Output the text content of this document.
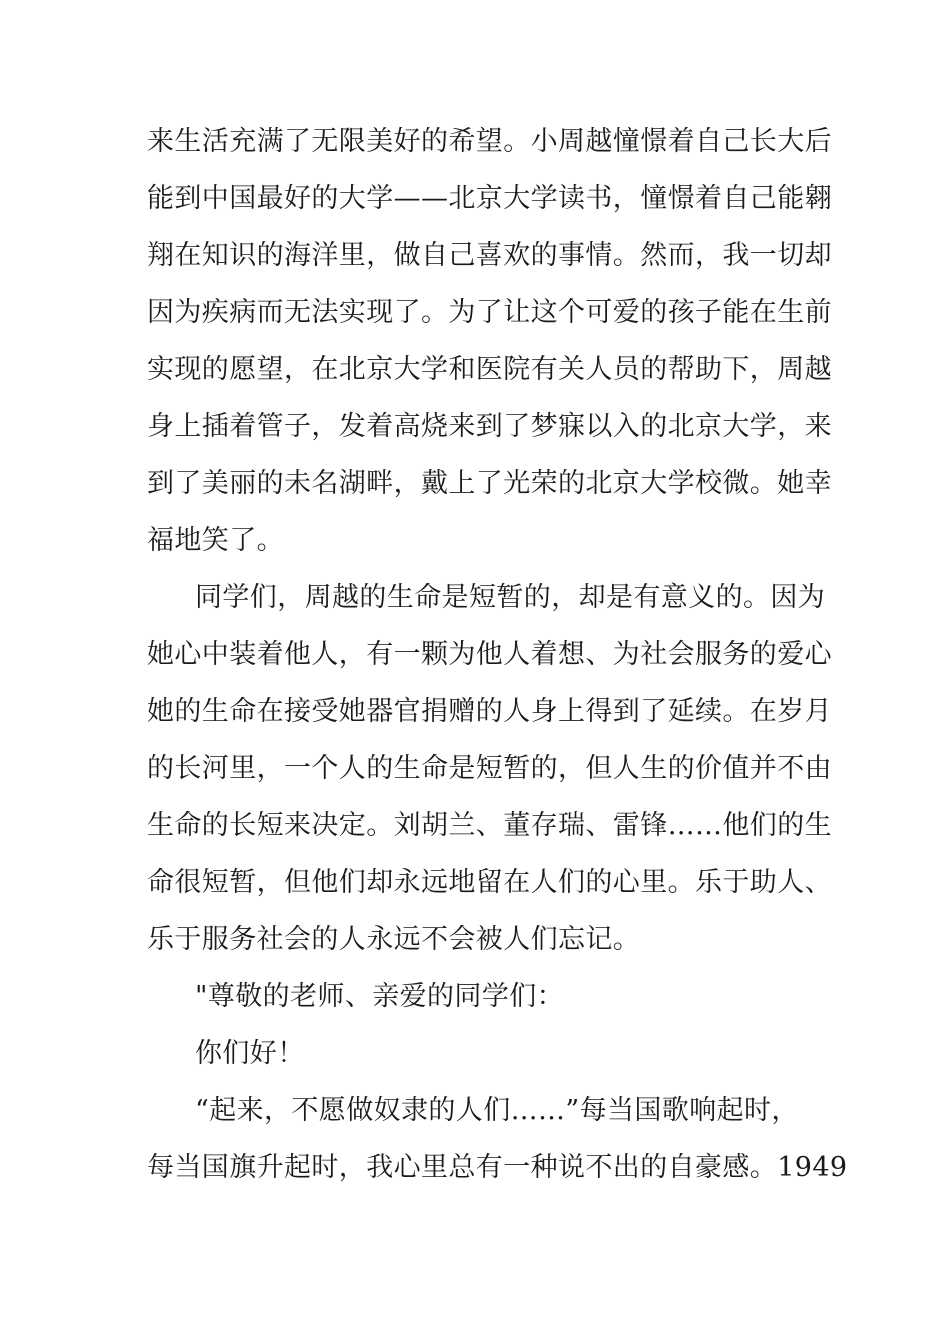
来生活充满了无限美好的希望。小周越憧憬着自己长大后
能到中国最好的大学——北京大学读书，憧憬着自己能翱
翔在知识的海洋里，做自己喜欢的事情。然而，我一切却
因为疾病而无法实现了。为了让这个可爱的孩子能在生前
实现的愿望，在北京大学和医院有关人员的帮助下，周越
身上插着管子，发着高烧来到了梦寐以入的北京大学，来
到了美丽的未名湖畔，戴上了光荣的北京大学校微。她幸
福地笑了。
同学们，周越的生命是短暂的，却是有意义的。因为
她心中装着他人，有一颗为他人着想、为社会服务的爱心
她的生命在接受她器官捐赠的人身上得到了延续。在岁月
的长河里，一个人的生命是短暂的，但人生的价值并不由
生命的长短来决定。刘胡兰、董存瑞、雷锋……他们的生
命很短暂，但他们却永远地留在人们的心里。乐于助人、
乐于服务社会的人永远不会被人们忘记。
"尊敬的老师、亲爱的同学们：
你们好！
“起来，不愿做奴隶的人们……”每当国歌响起时，
每当国旗升起时，我心里总有一种说不出的自豪感。1949
